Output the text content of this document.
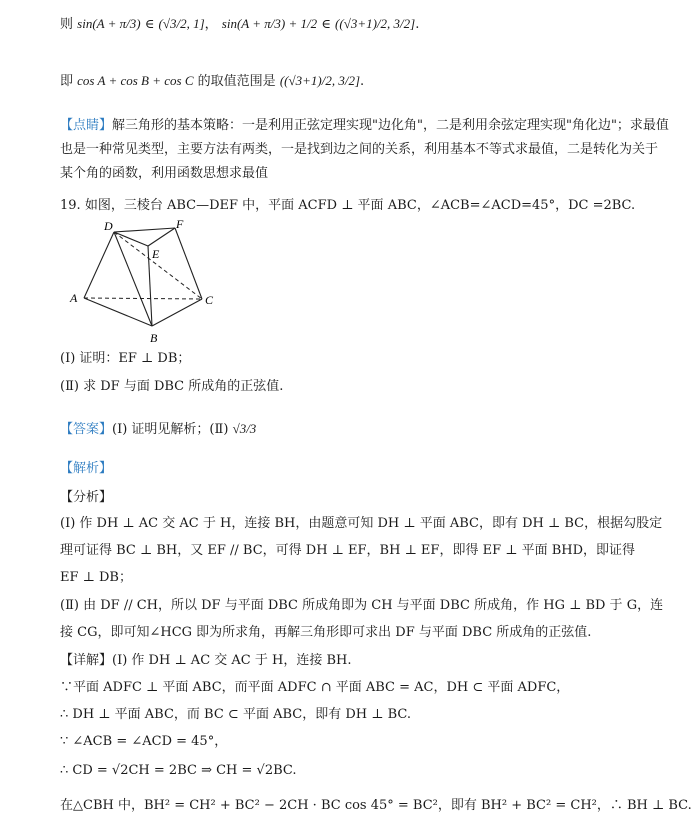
则 sin(A + π/3) ∈ (√3/2, 1]， sin(A + π/3) + 1/2 ∈ ((√3+1)/2, 3/2].
即 cos A + cos B + cos C 的取值范围是 ((√3+1)/2, 3/2].
【点睛】解三角形的基本策略：一是利用正弦定理实现"边化角"，二是利用余弦定理实现"角化边"；求最值
也是一种常见类型，主要方法有两类，一是找到边之间的关系，利用基本不等式求最值，二是转化为关于
某个角的函数，利用函数思想求最值
19. 如图，三棱台 ABC—DEF 中，平面 ACFD ⊥ 平面 ABC，∠ACB=∠ACD=45°，DC =2BC.
D	F
E
A	C
B
(Ⅰ) 证明：EF ⊥ DB；
(Ⅱ) 求 DF 与面 DBC 所成角的正弦值.
【答案】(Ⅰ) 证明见解析；(Ⅱ) √3/3
【解析】
【分析】
(Ⅰ) 作 DH ⊥ AC 交 AC 于 H，连接 BH，由题意可知 DH ⊥ 平面 ABC，即有 DH ⊥ BC，根据勾股定
理可证得 BC ⊥ BH，又 EF // BC，可得 DH ⊥ EF，BH ⊥ EF，即得 EF ⊥ 平面 BHD，即证得
EF ⊥ DB；
(Ⅱ) 由 DF // CH，所以 DF 与平面 DBC 所成角即为 CH 与平面 DBC 所成角，作 HG ⊥ BD 于 G，连
接 CG，即可知∠HCG 即为所求角，再解三角形即可求出 DF 与平面 DBC 所成角的正弦值.
【详解】(Ⅰ) 作 DH ⊥ AC 交 AC 于 H，连接 BH.
∵平面 ADFC ⊥ 平面 ABC，而平面 ADFC ∩ 平面 ABC = AC，DH ⊂ 平面 ADFC，
∴ DH ⊥ 平面 ABC，而 BC ⊂ 平面 ABC，即有 DH ⊥ BC.
∵ ∠ACB = ∠ACD = 45°，
∴ CD = √2CH = 2BC ⇒ CH = √2BC.
在△CBH 中，BH² = CH² + BC² − 2CH · BC cos 45° = BC²，即有 BH² + BC² = CH²，∴ BH ⊥ BC.
